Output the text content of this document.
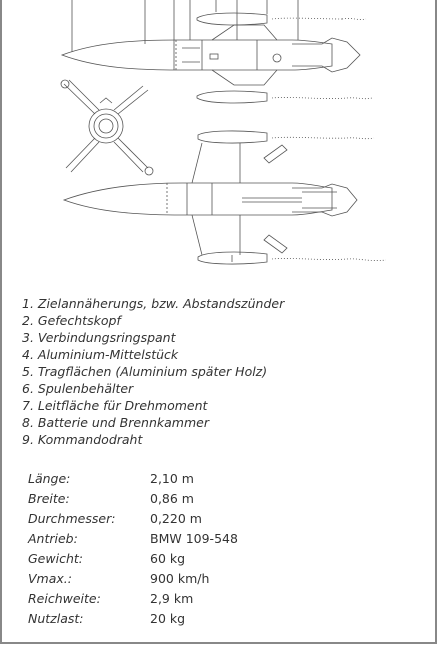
1. Zielannäherungs, bzw. Abstandszünder
2. Gefechtskopf
3. Verbindungsringspant
4. Aluminium-Mittelstück
5. Tragflächen (Aluminium später Holz)
6. Spulenbehälter
7. Leitfläche für Drehmoment
8. Batterie und Brennkammer
9. Kommandodraht
Länge:	2,10 m
Breite:	0,86 m
Durchmesser:	0,220 m
Antrieb:	BMW 109-548
Gewicht:	60 kg
Vmax.:	900 km/h
Reichweite:	2,9 km
Nutzlast:	20 kg
